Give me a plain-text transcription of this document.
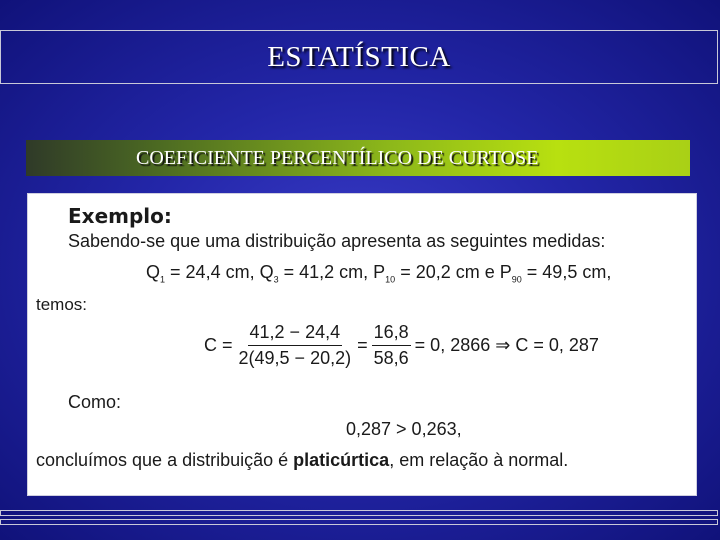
ESTATÍSTICA
COEFICIENTE PERCENTÍLICO DE CURTOSE
Exemplo:
Sabendo-se que uma distribuição apresenta as seguintes medidas:
$Q_1 = 24,4$ cm, $Q_3 = 41,2$ cm, $P_{10} = 20,2$ cm e $P_{90} = 49,5$ cm,
temos:
$C = \frac{41,2 - 24,4}{2(49,5 - 20,2)} = \frac{16,8}{58,6} = 0$, 2866 ⇒ C = 0, 287
Como:
0,287 > 0,263,
concluímos que a distribuição é platicúrtica, em relação à normal.
